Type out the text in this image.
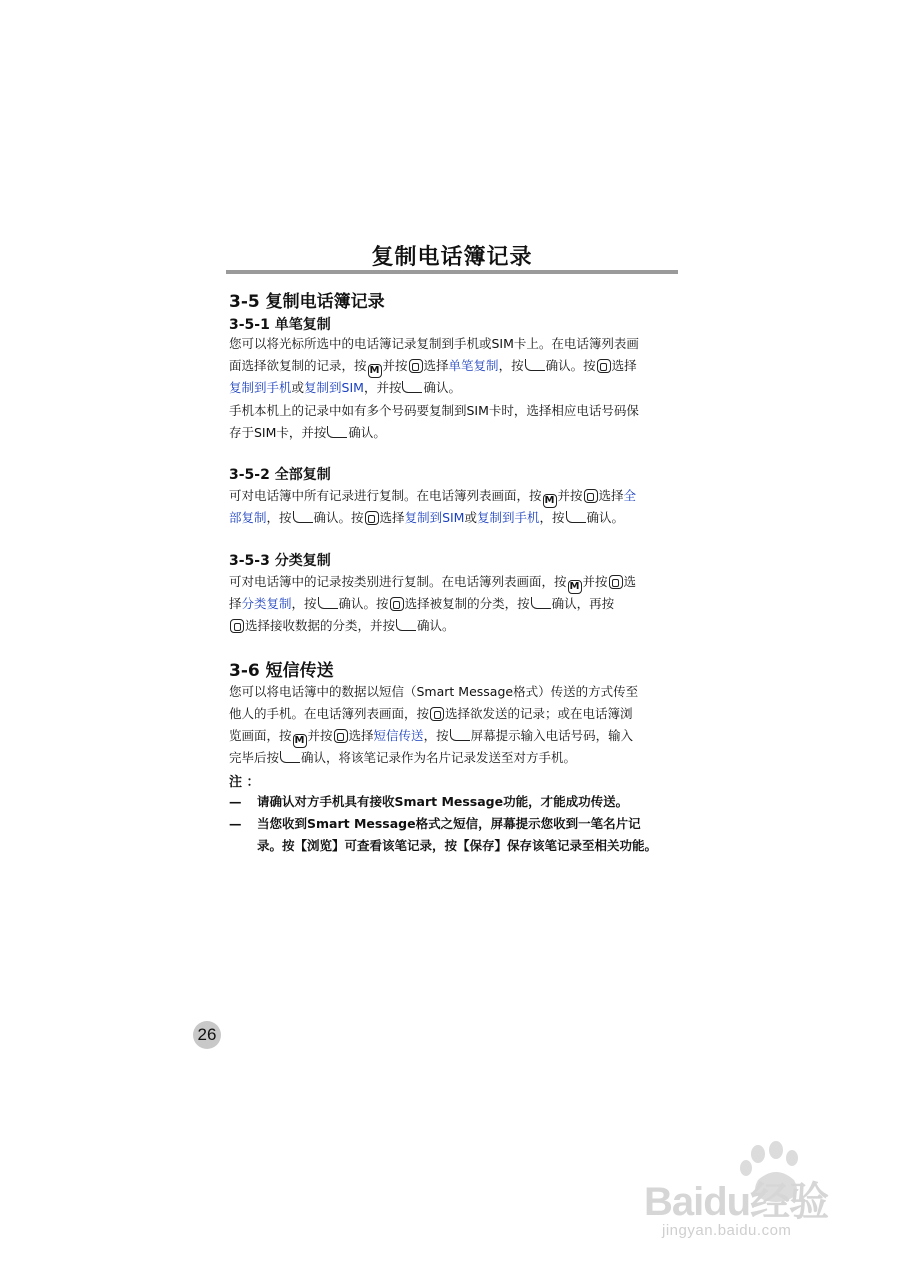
复制电话簿记录
3-5 复制电话簿记录
3-5-1 单笔复制
您可以将光标所选中的电话簿记录复制到手机或SIM卡上。在电话簿列表画
面选择欲复制的记录，按 M 并按 选择单笔复制，按 确认。按 选择
复制到手机或复制到SIM，并按 确认。
手机本机上的记录中如有多个号码要复制到SIM卡时，选择相应电话号码保
存于SIM卡，并按 确认。
3-5-2 全部复制
可对电话簿中所有记录进行复制。在电话簿列表画面，按 M 并按 选择全
部复制，按 确认。按 选择复制到SIM或复制到手机，按 确认。
3-5-3 分类复制
可对电话簿中的记录按类别进行复制。在电话簿列表画面，按 M 并按 选
择分类复制，按 确认。按 选择被复制的分类，按 确认，再按
选择接收数据的分类，并按 确认。
3-6 短信传送
您可以将电话簿中的数据以短信（Smart Message格式）传送的方式传至
他人的手机。在电话簿列表画面，按 选择欲发送的记录；或在电话簿浏
览画面，按 M 并按 选择短信传送，按 屏幕提示输入电话号码，输入
完毕后按 确认，将该笔记录作为名片记录发送至对方手机。
注 ：
— 请确认对方手机具有接收Smart Message功能，才能成功传送。
— 当您收到Smart Message格式之短信，屏幕提示您收到一笔名片记
录。按【浏览】可查看该笔记录，按【保存】保存该笔记录至相关功能。
26
Baidu经验
jingyan.baidu.com
